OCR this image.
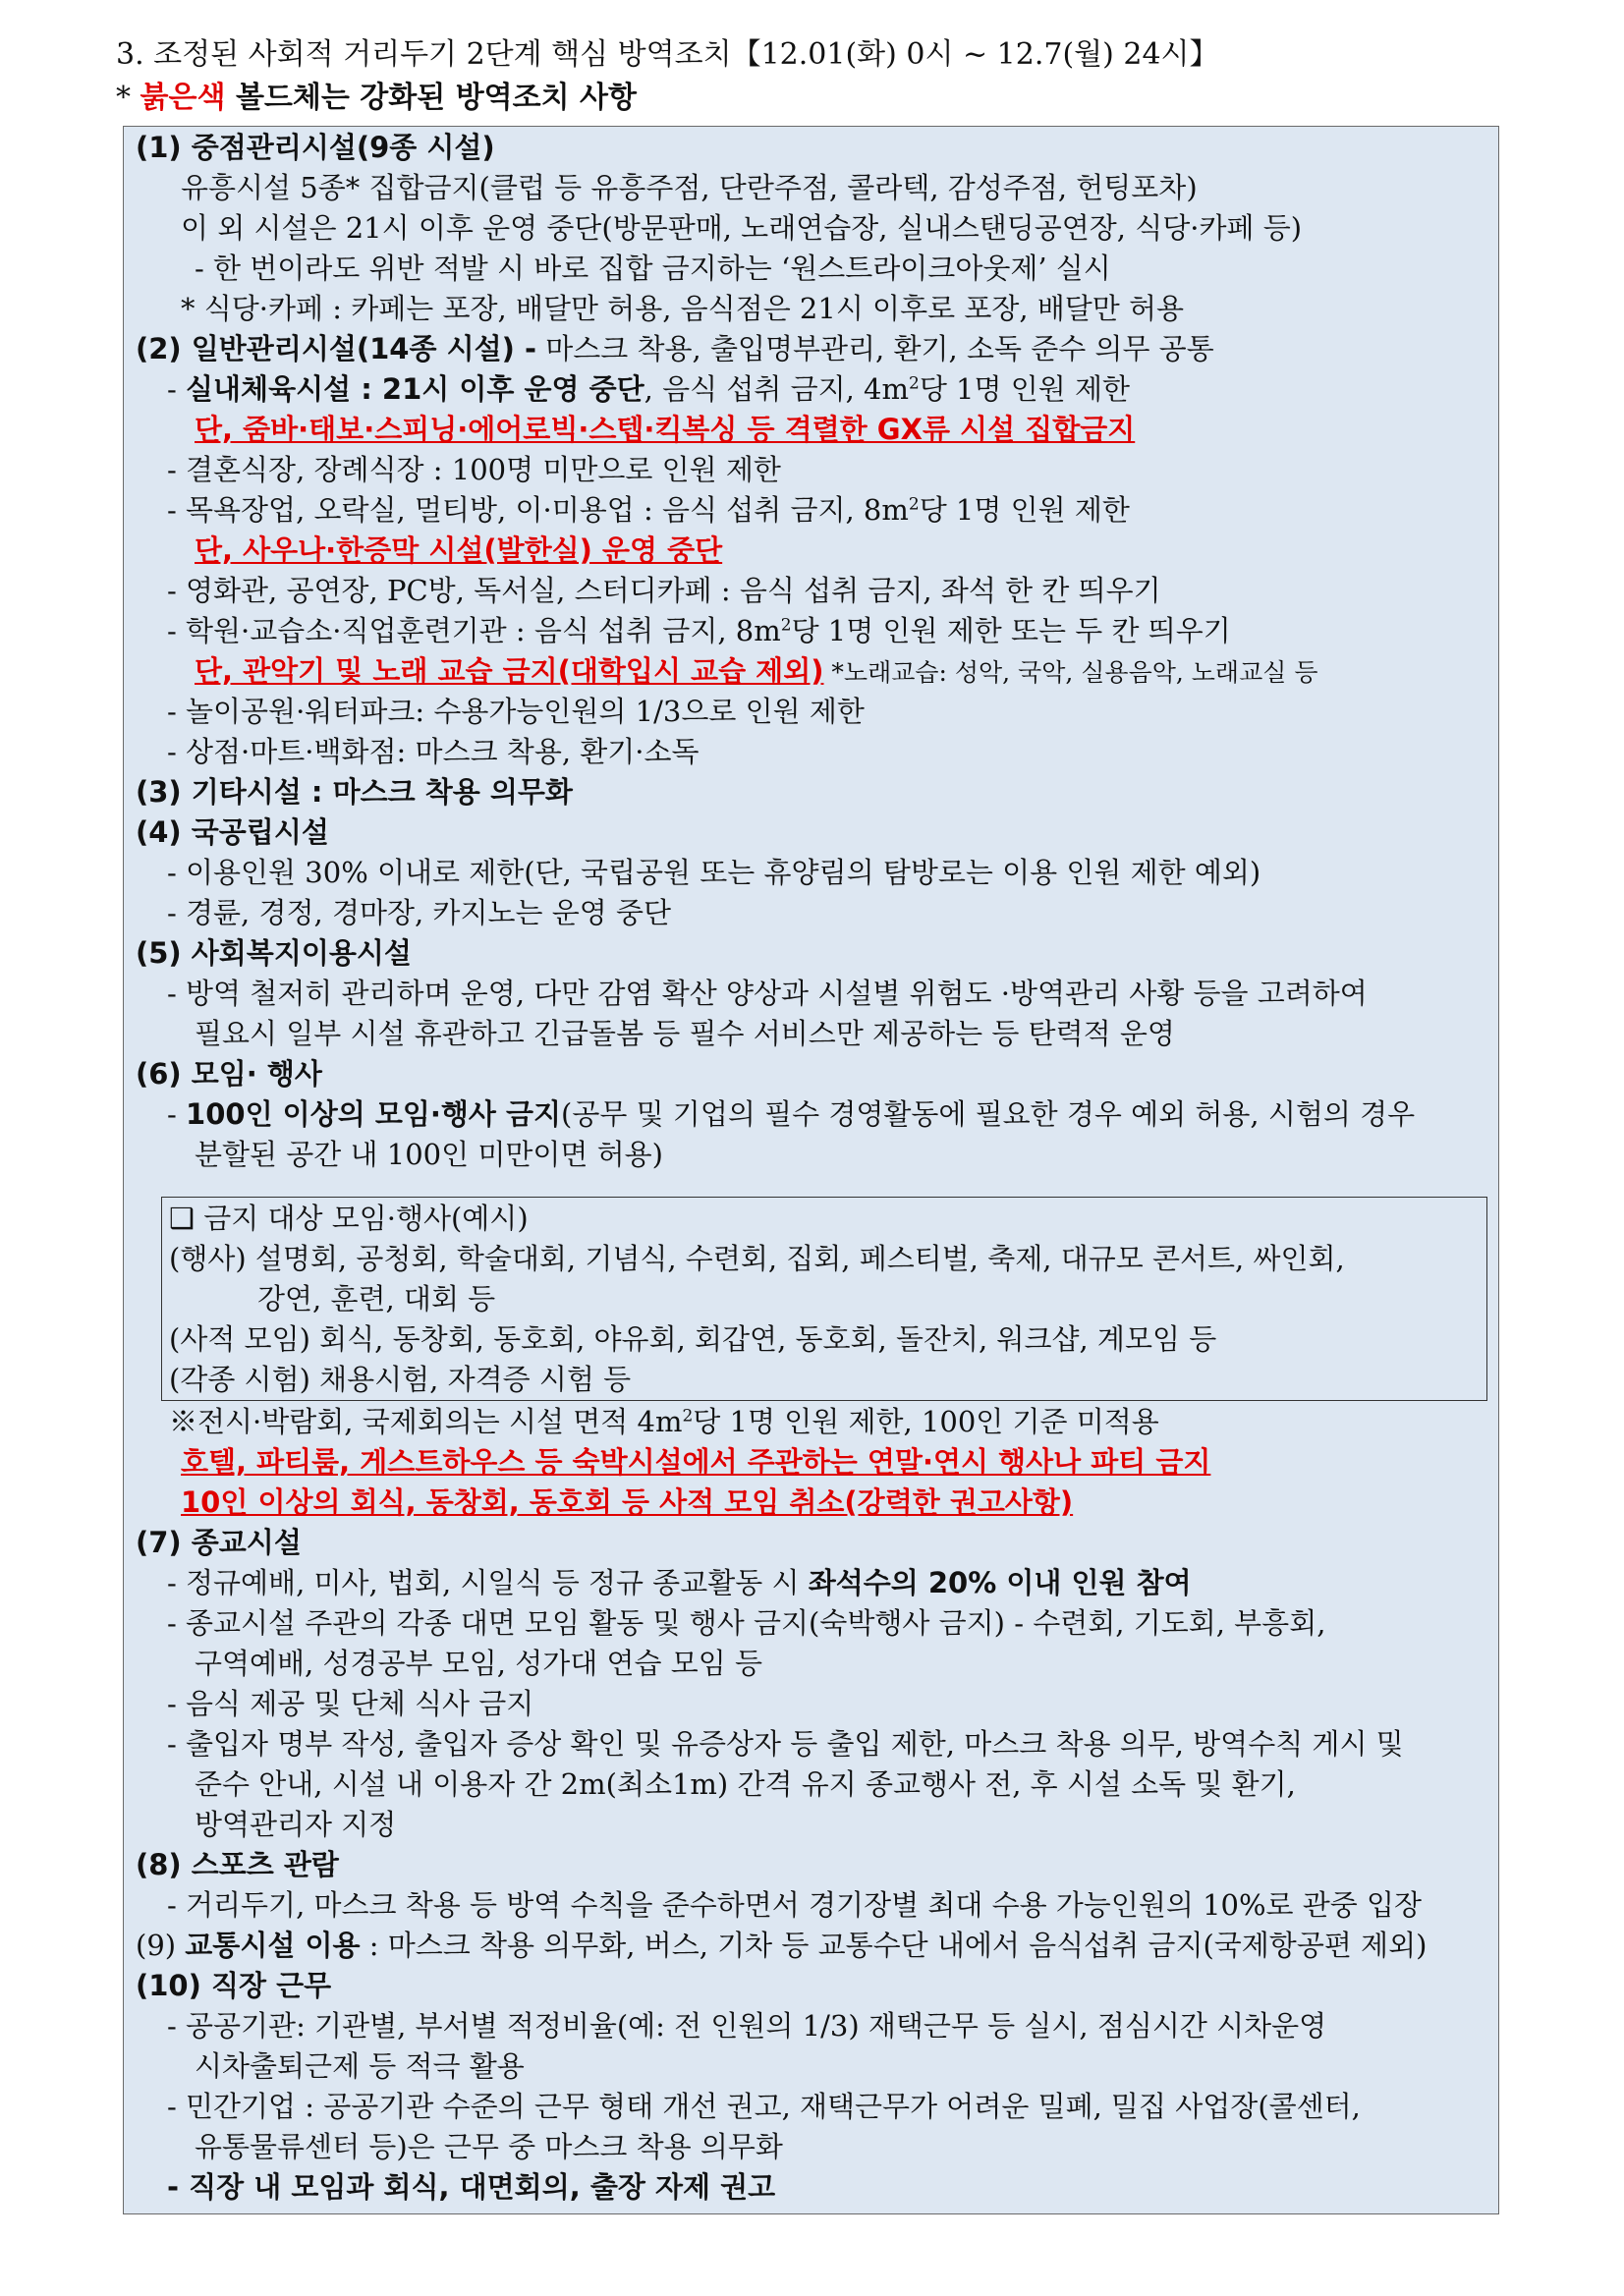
3. 조정된 사회적 거리두기 2단계 핵심 방역조치【12.01(화) 0시 ~ 12.7(월) 24시】
* 붉은색 볼드체는 강화된 방역조치 사항
(1) 중점관리시설(9종 시설)
유흥시설 5종* 집합금지(클럽 등 유흥주점, 단란주점, 콜라텍, 감성주점, 헌팅포차)
이 외 시설은 21시 이후 운영 중단(방문판매, 노래연습장, 실내스탠딩공연장, 식당·카페 등)
- 한 번이라도 위반 적발 시 바로 집합 금지하는 ‘원스트라이크아웃제’ 실시
* 식당·카페 : 카페는 포장, 배달만 허용, 음식점은 21시 이후로 포장, 배달만 허용
(2) 일반관리시설(14종 시설) - 마스크 착용, 출입명부관리, 환기, 소독 준수 의무 공통
- 실내체육시설 : 21시 이후 운영 중단, 음식 섭취 금지, $4m^2$당 1명 인원 제한
단, 줌바·태보·스피닝·에어로빅·스텝·킥복싱 등 격렬한 GX류 시설 집합금지
- 결혼식장, 장례식장 : 100명 미만으로 인원 제한
- 목욕장업, 오락실, 멀티방, 이·미용업 : 음식 섭취 금지, $8m^2$당 1명 인원 제한
단, 사우나·한증막 시설(발한실) 운영 중단
- 영화관, 공연장, PC방, 독서실, 스터디카페 : 음식 섭취 금지, 좌석 한 칸 띄우기
- 학원·교습소·직업훈련기관 : 음식 섭취 금지, $8m^2$당 1명 인원 제한 또는 두 칸 띄우기
단, 관악기 및 노래 교습 금지(대학입시 교습 제외) *노래교습: 성악, 국악, 실용음악, 노래교실 등
- 놀이공원·워터파크: 수용가능인원의 1/3으로 인원 제한
- 상점·마트·백화점: 마스크 착용, 환기·소독
(3) 기타시설 : 마스크 착용 의무화
(4) 국공립시설
- 이용인원 30% 이내로 제한(단, 국립공원 또는 휴양림의 탐방로는 이용 인원 제한 예외)
- 경륜, 경정, 경마장, 카지노는 운영 중단
(5) 사회복지이용시설
- 방역 철저히 관리하며 운영, 다만 감염 확산 양상과 시설별 위험도 ·방역관리 사황 등을 고려하여
필요시 일부 시설 휴관하고 긴급돌봄 등 필수 서비스만 제공하는 등 탄력적 운영
(6) 모임· 행사
- 100인 이상의 모임·행사 금지(공무 및 기업의 필수 경영활동에 필요한 경우 예외 허용, 시험의 경우
분할된 공간 내 100인 미만이면 허용)
❑ 금지 대상 모임·행사(예시)
(행사) 설명회, 공청회, 학술대회, 기념식, 수련회, 집회, 페스티벌, 축제, 대규모 콘서트, 싸인회,
강연, 훈련, 대회 등
(사적 모임) 회식, 동창회, 동호회, 야유회, 회갑연, 동호회, 돌잔치, 워크샵, 계모임 등
(각종 시험) 채용시험, 자격증 시험 등
※전시·박람회, 국제회의는 시설 면적 $4m^2$당 1명 인원 제한, 100인 기준 미적용
호텔, 파티룸, 게스트하우스 등 숙박시설에서 주관하는 연말·연시 행사나 파티 금지
10인 이상의 회식, 동창회, 동호회 등 사적 모임 취소(강력한 권고사항)
(7) 종교시설
- 정규예배, 미사, 법회, 시일식 등 정규 종교활동 시 좌석수의 20% 이내 인원 참여
- 종교시설 주관의 각종 대면 모임 활동 및 행사 금지(숙박행사 금지) - 수련회, 기도회, 부흥회,
구역예배, 성경공부 모임, 성가대 연습 모임 등
- 음식 제공 및 단체 식사 금지
- 출입자 명부 작성, 출입자 증상 확인 및 유증상자 등 출입 제한, 마스크 착용 의무, 방역수칙 게시 및
준수 안내, 시설 내 이용자 간 2m(최소1m) 간격 유지 종교행사 전, 후 시설 소독 및 환기,
방역관리자 지정
(8) 스포츠 관람
- 거리두기, 마스크 착용 등 방역 수칙을 준수하면서 경기장별 최대 수용 가능인원의 10%로 관중 입장
(9) 교통시설 이용 : 마스크 착용 의무화, 버스, 기차 등 교통수단 내에서 음식섭취 금지(국제항공편 제외)
(10) 직장 근무
- 공공기관: 기관별, 부서별 적정비율(예: 전 인원의 1/3) 재택근무 등 실시, 점심시간 시차운영
시차출퇴근제 등 적극 활용
- 민간기업 : 공공기관 수준의 근무 형태 개선 권고, 재택근무가 어려운 밀폐, 밀집 사업장(콜센터,
유통물류센터 등)은 근무 중 마스크 착용 의무화
- 직장 내 모임과 회식, 대면회의, 출장 자제 권고
